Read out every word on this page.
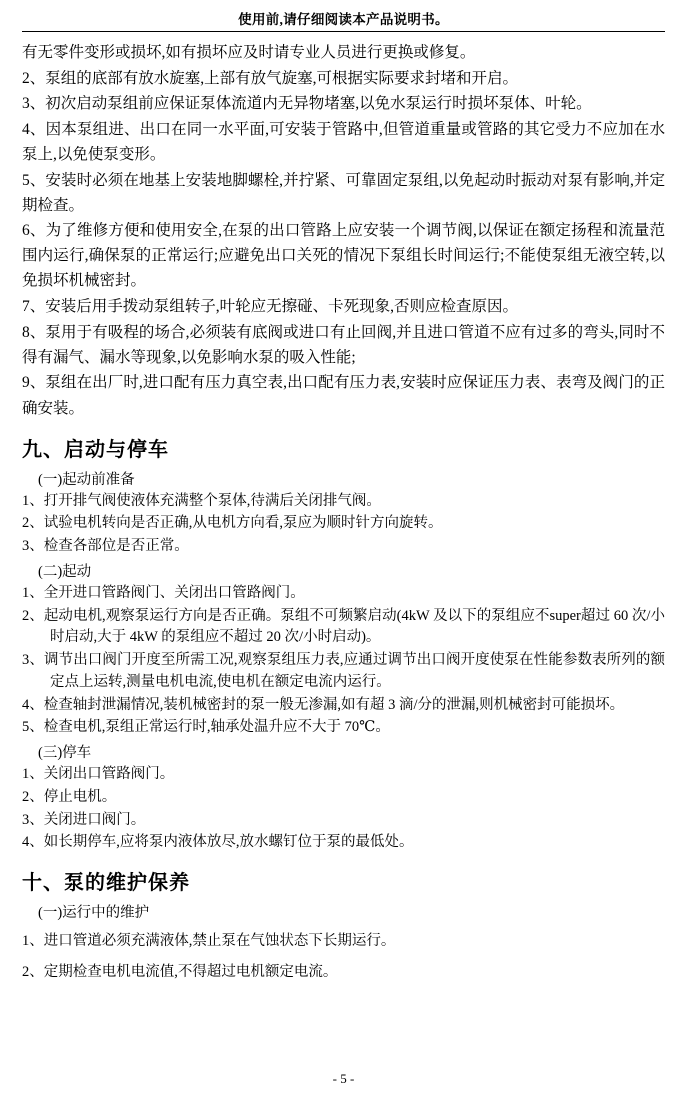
使用前,请仔细阅读本产品说明书。

有无零件变形或损坏,如有损坏应及时请专业人员进行更换或修复。

2、泵组的底部有放水旋塞,上部有放气旋塞,可根据实际要求封堵和开启。

3、初次启动泵组前应保证泵体流道内无异物堵塞,以免水泵运行时损坏泵体、叶轮。

4、因本泵组进、出口在同一水平面,可安装于管路中,但管道重量或管路的其它受力不应加在水泵上,以免使泵变形。

5、安装时必须在地基上安装地脚螺栓,并拧紧、可靠固定泵组,以免起动时振动对泵有影响,并定期检查。

6、为了维修方便和使用安全,在泵的出口管路上应安装一个调节阀,以保证在额定扬程和流量范围内运行,确保泵的正常运行;应避免出口关死的情况下泵组长时间运行;不能使泵组无液空转,以免损坏机械密封。

7、安装后用手拨动泵组转子,叶轮应无擦碰、卡死现象,否则应检查原因。

8、泵用于有吸程的场合,必须装有底阀或进口有止回阀,并且进口管道不应有过多的弯头,同时不得有漏气、漏水等现象,以免影响水泵的吸入性能;

9、泵组在出厂时,进口配有压力真空表,出口配有压力表,安装时应保证压力表、表弯及阀门的正确安装。

九、启动与停车
(一)起动前准备

1、打开排气阀使液体充满整个泵体,待满后关闭排气阀。

2、试验电机转向是否正确,从电机方向看,泵应为顺时针方向旋转。

3、检查各部位是否正常。

(二)起动

1、全开进口管路阀门、关闭出口管路阀门。

2、起动电机,观察泵运行方向是否正确。泵组不可频繁启动(4kW 及以下的泵组应不super超过 60 次/小时启动,大于 4kW 的泵组应不超过 20 次/小时启动)。

3、调节出口阀门开度至所需工况,观察泵组压力表,应通过调节出口阀开度使泵在性能参数表所列的额定点上运转,测量电机电流,使电机在额定电流内运行。

4、检查轴封泄漏情况,装机械密封的泵一般无渗漏,如有超 3 滴/分的泄漏,则机械密封可能损坏。

5、检查电机,泵组正常运行时,轴承处温升应不大于 70℃。

(三)停车

1、关闭出口管路阀门。

2、停止电机。

3、关闭进口阀门。

4、如长期停车,应将泵内液体放尽,放水螺钉位于泵的最低处。

十、泵的维护保养
(一)运行中的维护

1、进口管道必须充满液体,禁止泵在气蚀状态下长期运行。

2、定期检查电机电流值,不得超过电机额定电流。

- 5 -
